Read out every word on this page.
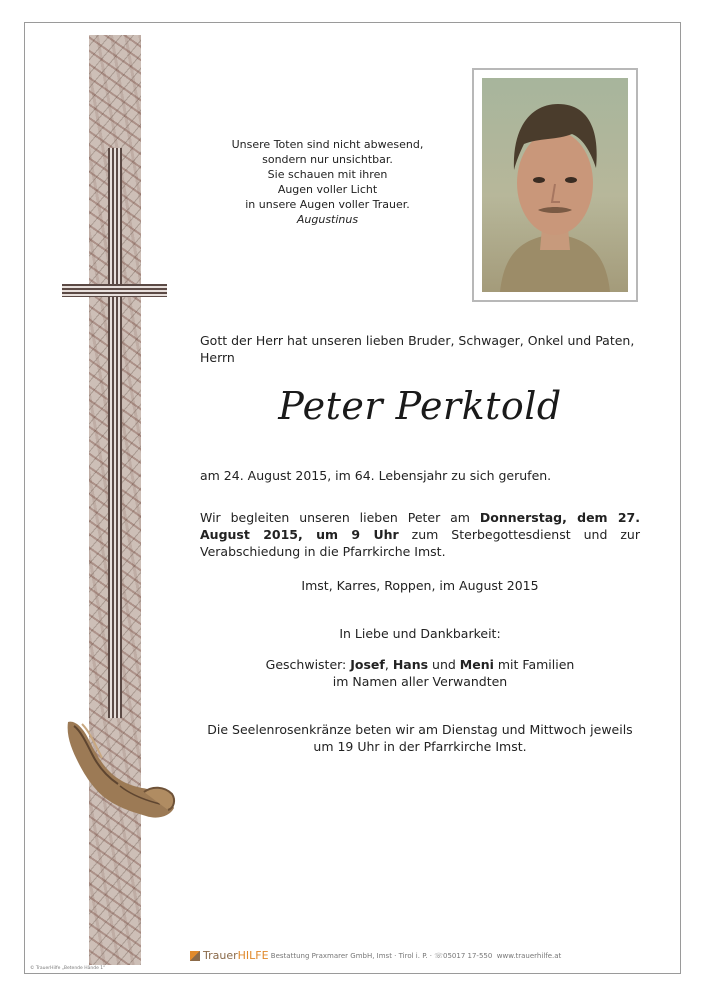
Unsere Toten sind nicht abwesend,
sondern nur unsichtbar.
Sie schauen mit ihren
Augen voller Licht
in unsere Augen voller Trauer.
Augustinus
Gott der Herr hat unseren lieben Bruder, Schwager, Onkel und Paten, Herrn
Peter Perktold
am 24. August 2015, im 64. Lebensjahr zu sich gerufen.
Wir begleiten unseren lieben Peter am Donnerstag, dem 27. August 2015, um 9 Uhr zum Sterbegottesdienst und zur Verabschiedung in die Pfarrkirche Imst.
Imst, Karres, Roppen, im August 2015
In Liebe und Dankbarkeit:
Geschwister: Josef, Hans und Meni mit Familien
im Namen aller Verwandten
Die Seelenrosenkränze beten wir am Dienstag und Mittwoch jeweils
um 19 Uhr in der Pfarrkirche Imst.
TrauerHILFE Bestattung Praxmarer GmbH, Imst · Tirol i. P. · ☏05017 17-550 www.trauerhilfe.at
© TrauerHilfe „Betende Hände 1“
